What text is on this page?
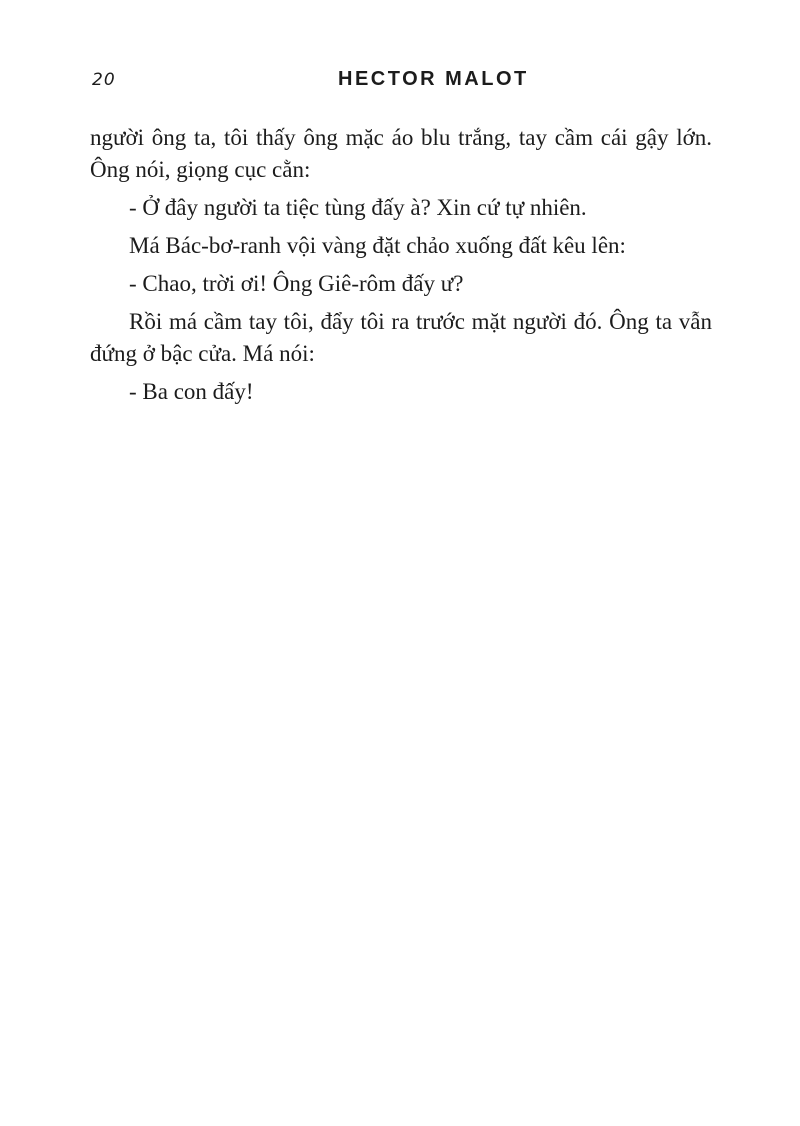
20	HECTOR MALOT

người ông ta, tôi thấy ông mặc áo blu trắng, tay cầm cái gậy lớn. Ông nói, giọng cục cằn:

- Ở đây người ta tiệc tùng đấy à? Xin cứ tự nhiên.

Má Bác-bơ-ranh vội vàng đặt chảo xuống đất kêu lên:

- Chao, trời ơi! Ông Giê-rôm đấy ư?

Rồi má cầm tay tôi, đẩy tôi ra trước mặt người đó. Ông ta vẫn đứng ở bậc cửa. Má nói:

- Ba con đấy!
